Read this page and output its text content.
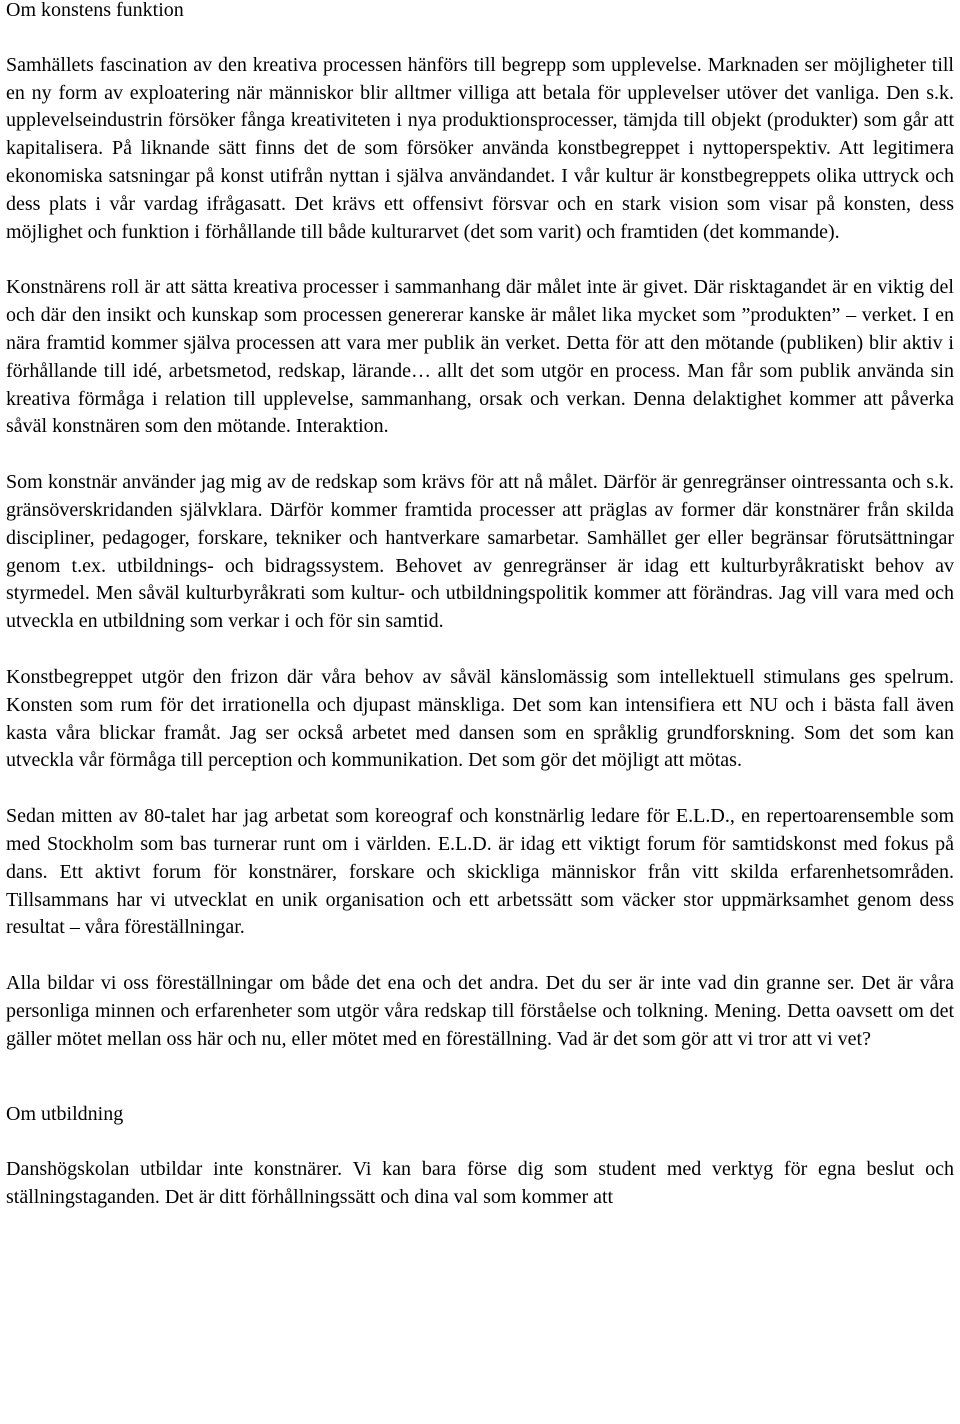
Om konstens funktion

Samhällets fascination av den kreativa processen hänförs till begrepp som upplevelse. Marknaden ser möjligheter till en ny form av exploatering när människor blir alltmer villiga att betala för upplevelser utöver det vanliga. Den s.k. upplevelseindustrin försöker fånga kreativiteten i nya produktionsprocesser, tämjda till objekt (produkter) som går att kapitalisera. På liknande sätt finns det de som försöker använda konstbegreppet i nyttoperspektiv. Att legitimera ekonomiska satsningar på konst utifrån nyttan i själva användandet. I vår kultur är konstbegreppets olika uttryck och dess plats i vår vardag ifrågasatt. Det krävs ett offensivt försvar och en stark vision som visar på konsten, dess möjlighet och funktion i förhållande till både kulturarvet (det som varit) och framtiden (det kommande).

Konstnärens roll är att sätta kreativa processer i sammanhang där målet inte är givet. Där risktagandet är en viktig del och där den insikt och kunskap som processen genererar kanske är målet lika mycket som ”produkten” – verket. I en nära framtid kommer själva processen att vara mer publik än verket. Detta för att den mötande (publiken) blir aktiv i förhållande till idé, arbetsmetod, redskap, lärande… allt det som utgör en process. Man får som publik använda sin kreativa förmåga i relation till upplevelse, sammanhang, orsak och verkan. Denna delaktighet kommer att påverka såväl konstnären som den mötande. Interaktion.

Som konstnär använder jag mig av de redskap som krävs för att nå målet. Därför är genregränser ointressanta och s.k. gränsöverskridanden självklara. Därför kommer framtida processer att präglas av former där konstnärer från skilda discipliner, pedagoger, forskare, tekniker och hantverkare samarbetar. Samhället ger eller begränsar förutsättningar genom t.ex. utbildnings- och bidragssystem. Behovet av genregränser är idag ett kulturbyråkratiskt behov av styrmedel. Men såväl kulturbyråkrati som kultur- och utbildningspolitik kommer att förändras. Jag vill vara med och utveckla en utbildning som verkar i och för sin samtid.

Konstbegreppet utgör den frizon där våra behov av såväl känslomässig som intellektuell stimulans ges spelrum. Konsten som rum för det irrationella och djupast mänskliga. Det som kan intensifiera ett NU och i bästa fall även kasta våra blickar framåt. Jag ser också arbetet med dansen som en språklig grundforskning. Som det som kan utveckla vår förmåga till perception och kommunikation. Det som gör det möjligt att mötas.

Sedan mitten av 80-talet har jag arbetat som koreograf och konstnärlig ledare för E.L.D., en repertoarensemble som med Stockholm som bas turnerar runt om i världen. E.L.D. är idag ett viktigt forum för samtidskonst med fokus på dans. Ett aktivt forum för konstnärer, forskare och skickliga människor från vitt skilda erfarenhetsområden. Tillsammans har vi utvecklat en unik organisation och ett arbetssätt som väcker stor uppmärksamhet genom dess resultat – våra föreställningar.

Alla bildar vi oss föreställningar om både det ena och det andra. Det du ser är inte vad din granne ser. Det är våra personliga minnen och erfarenheter som utgör våra redskap till förståelse och tolkning. Mening. Detta oavsett om det gäller mötet mellan oss här och nu, eller mötet med en föreställning. Vad är det som gör att vi tror att vi vet?

Om utbildning

Danshögskolan utbildar inte konstnärer. Vi kan bara förse dig som student med verktyg för egna beslut och ställningstaganden. Det är ditt förhållningssätt och dina val som kommer att
